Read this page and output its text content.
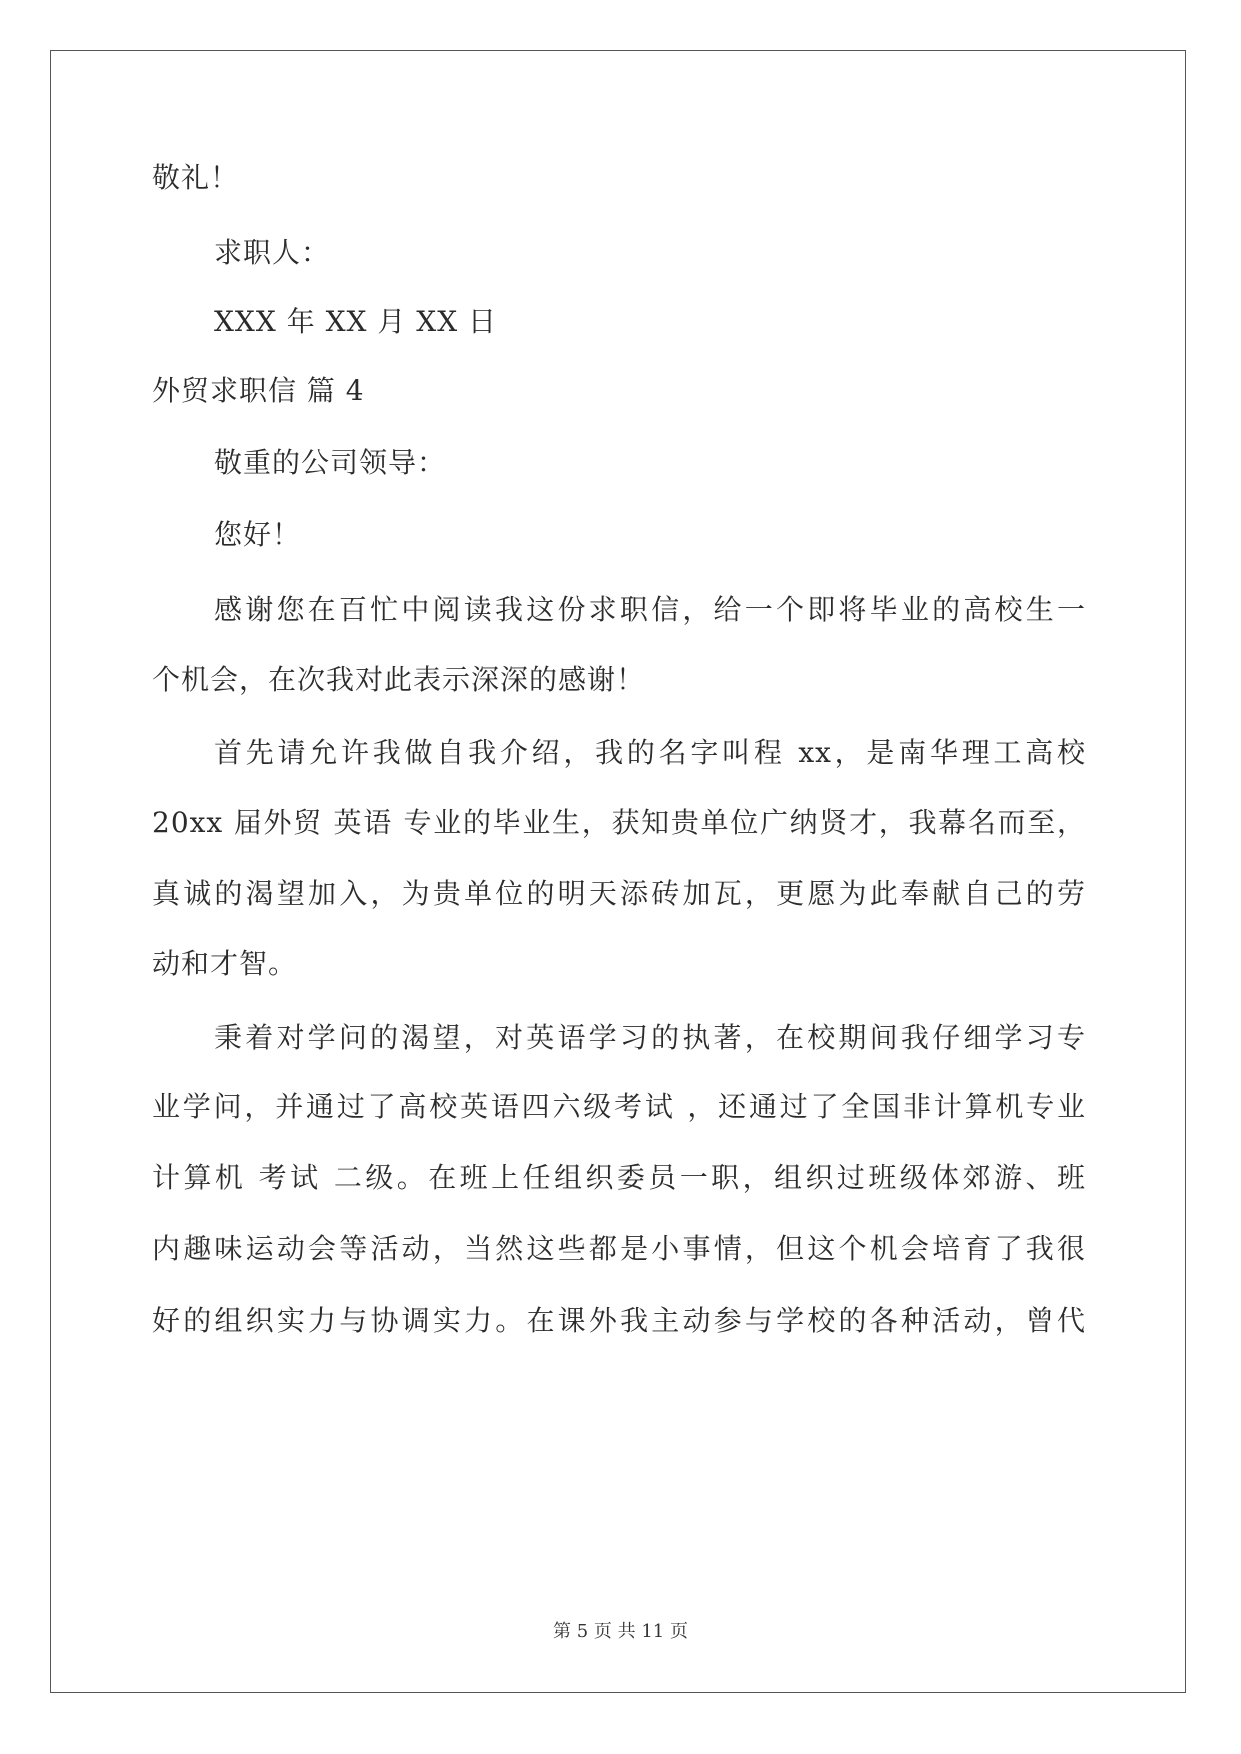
敬礼！
求职人：
XXX 年 XX 月 XX 日
外贸求职信 篇 4
敬重的公司领导：
您好！
感谢您在百忙中阅读我这份求职信，给一个即将毕业的高校生一
个机会，在次我对此表示深深的感谢！
首先请允许我做自我介绍，我的名字叫程 xx，是南华理工高校
20xx 届外贸 英语 专业的毕业生，获知贵单位广纳贤才，我幕名而至，
真诚的渴望加入，为贵单位的明天添砖加瓦，更愿为此奉献自己的劳
动和才智。
秉着对学问的渴望，对英语学习的执著，在校期间我仔细学习专
业学问，并通过了高校英语四六级考试 ，还通过了全国非计算机专业
计算机 考试 二级。在班上任组织委员一职，组织过班级体郊游、班
内趣味运动会等活动，当然这些都是小事情，但这个机会培育了我很
好的组织实力与协调实力。在课外我主动参与学校的各种活动，曾代
第 5 页 共 11 页
